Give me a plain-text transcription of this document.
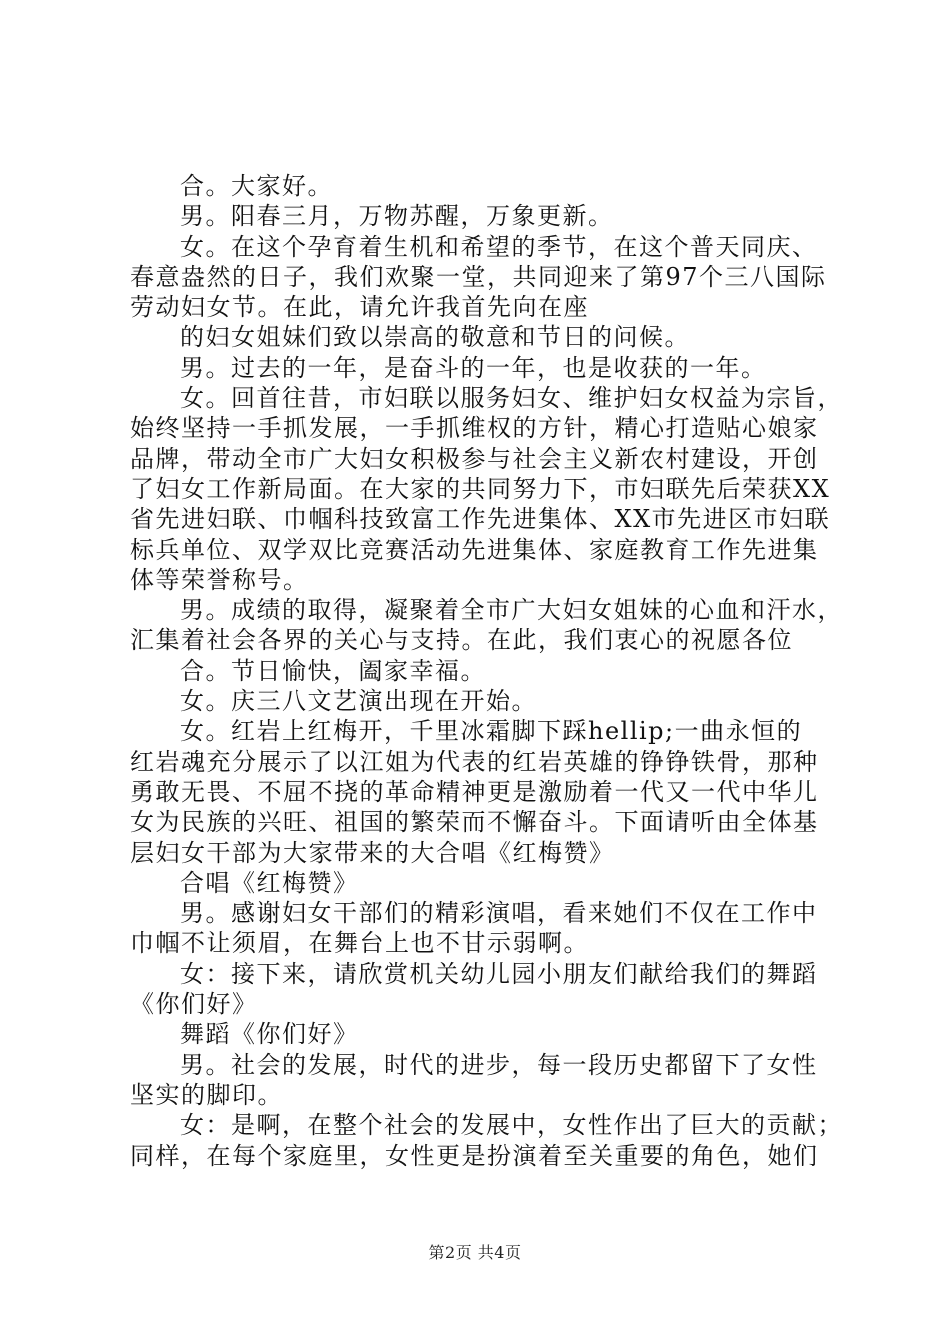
合。大家好。
男。阳春三月，万物苏醒，万象更新。
女。在这个孕育着生机和希望的季节，在这个普天同庆、
春意盎然的日子，我们欢聚一堂，共同迎来了第97个三八国际
劳动妇女节。在此，请允许我首先向在座
的妇女姐妹们致以崇高的敬意和节日的问候。
男。过去的一年，是奋斗的一年，也是收获的一年。
女。回首往昔，市妇联以服务妇女、维护妇女权益为宗旨，
始终坚持一手抓发展，一手抓维权的方针，精心打造贴心娘家
品牌，带动全市广大妇女积极参与社会主义新农村建设，开创
了妇女工作新局面。在大家的共同努力下，市妇联先后荣获XX
省先进妇联、巾帼科技致富工作先进集体、XX市先进区市妇联
标兵单位、双学双比竞赛活动先进集体、家庭教育工作先进集
体等荣誉称号。
男。成绩的取得，凝聚着全市广大妇女姐妹的心血和汗水，
汇集着社会各界的关心与支持。在此，我们衷心的祝愿各位
合。节日愉快，阖家幸福。
女。庆三八文艺演出现在开始。
女。红岩上红梅开，千里冰霜脚下踩hellip;一曲永恒的
红岩魂充分展示了以江姐为代表的红岩英雄的铮铮铁骨，那种
勇敢无畏、不屈不挠的革命精神更是激励着一代又一代中华儿
女为民族的兴旺、祖国的繁荣而不懈奋斗。下面请听由全体基
层妇女干部为大家带来的大合唱《红梅赞》
合唱《红梅赞》
男。感谢妇女干部们的精彩演唱，看来她们不仅在工作中
巾帼不让须眉，在舞台上也不甘示弱啊。
女：接下来，请欣赏机关幼儿园小朋友们献给我们的舞蹈
《你们好》
舞蹈《你们好》
男。社会的发展，时代的进步，每一段历史都留下了女性
坚实的脚印。
女：是啊，在整个社会的发展中，女性作出了巨大的贡献；
同样，在每个家庭里，女性更是扮演着至关重要的角色，她们
第2页 共4页
